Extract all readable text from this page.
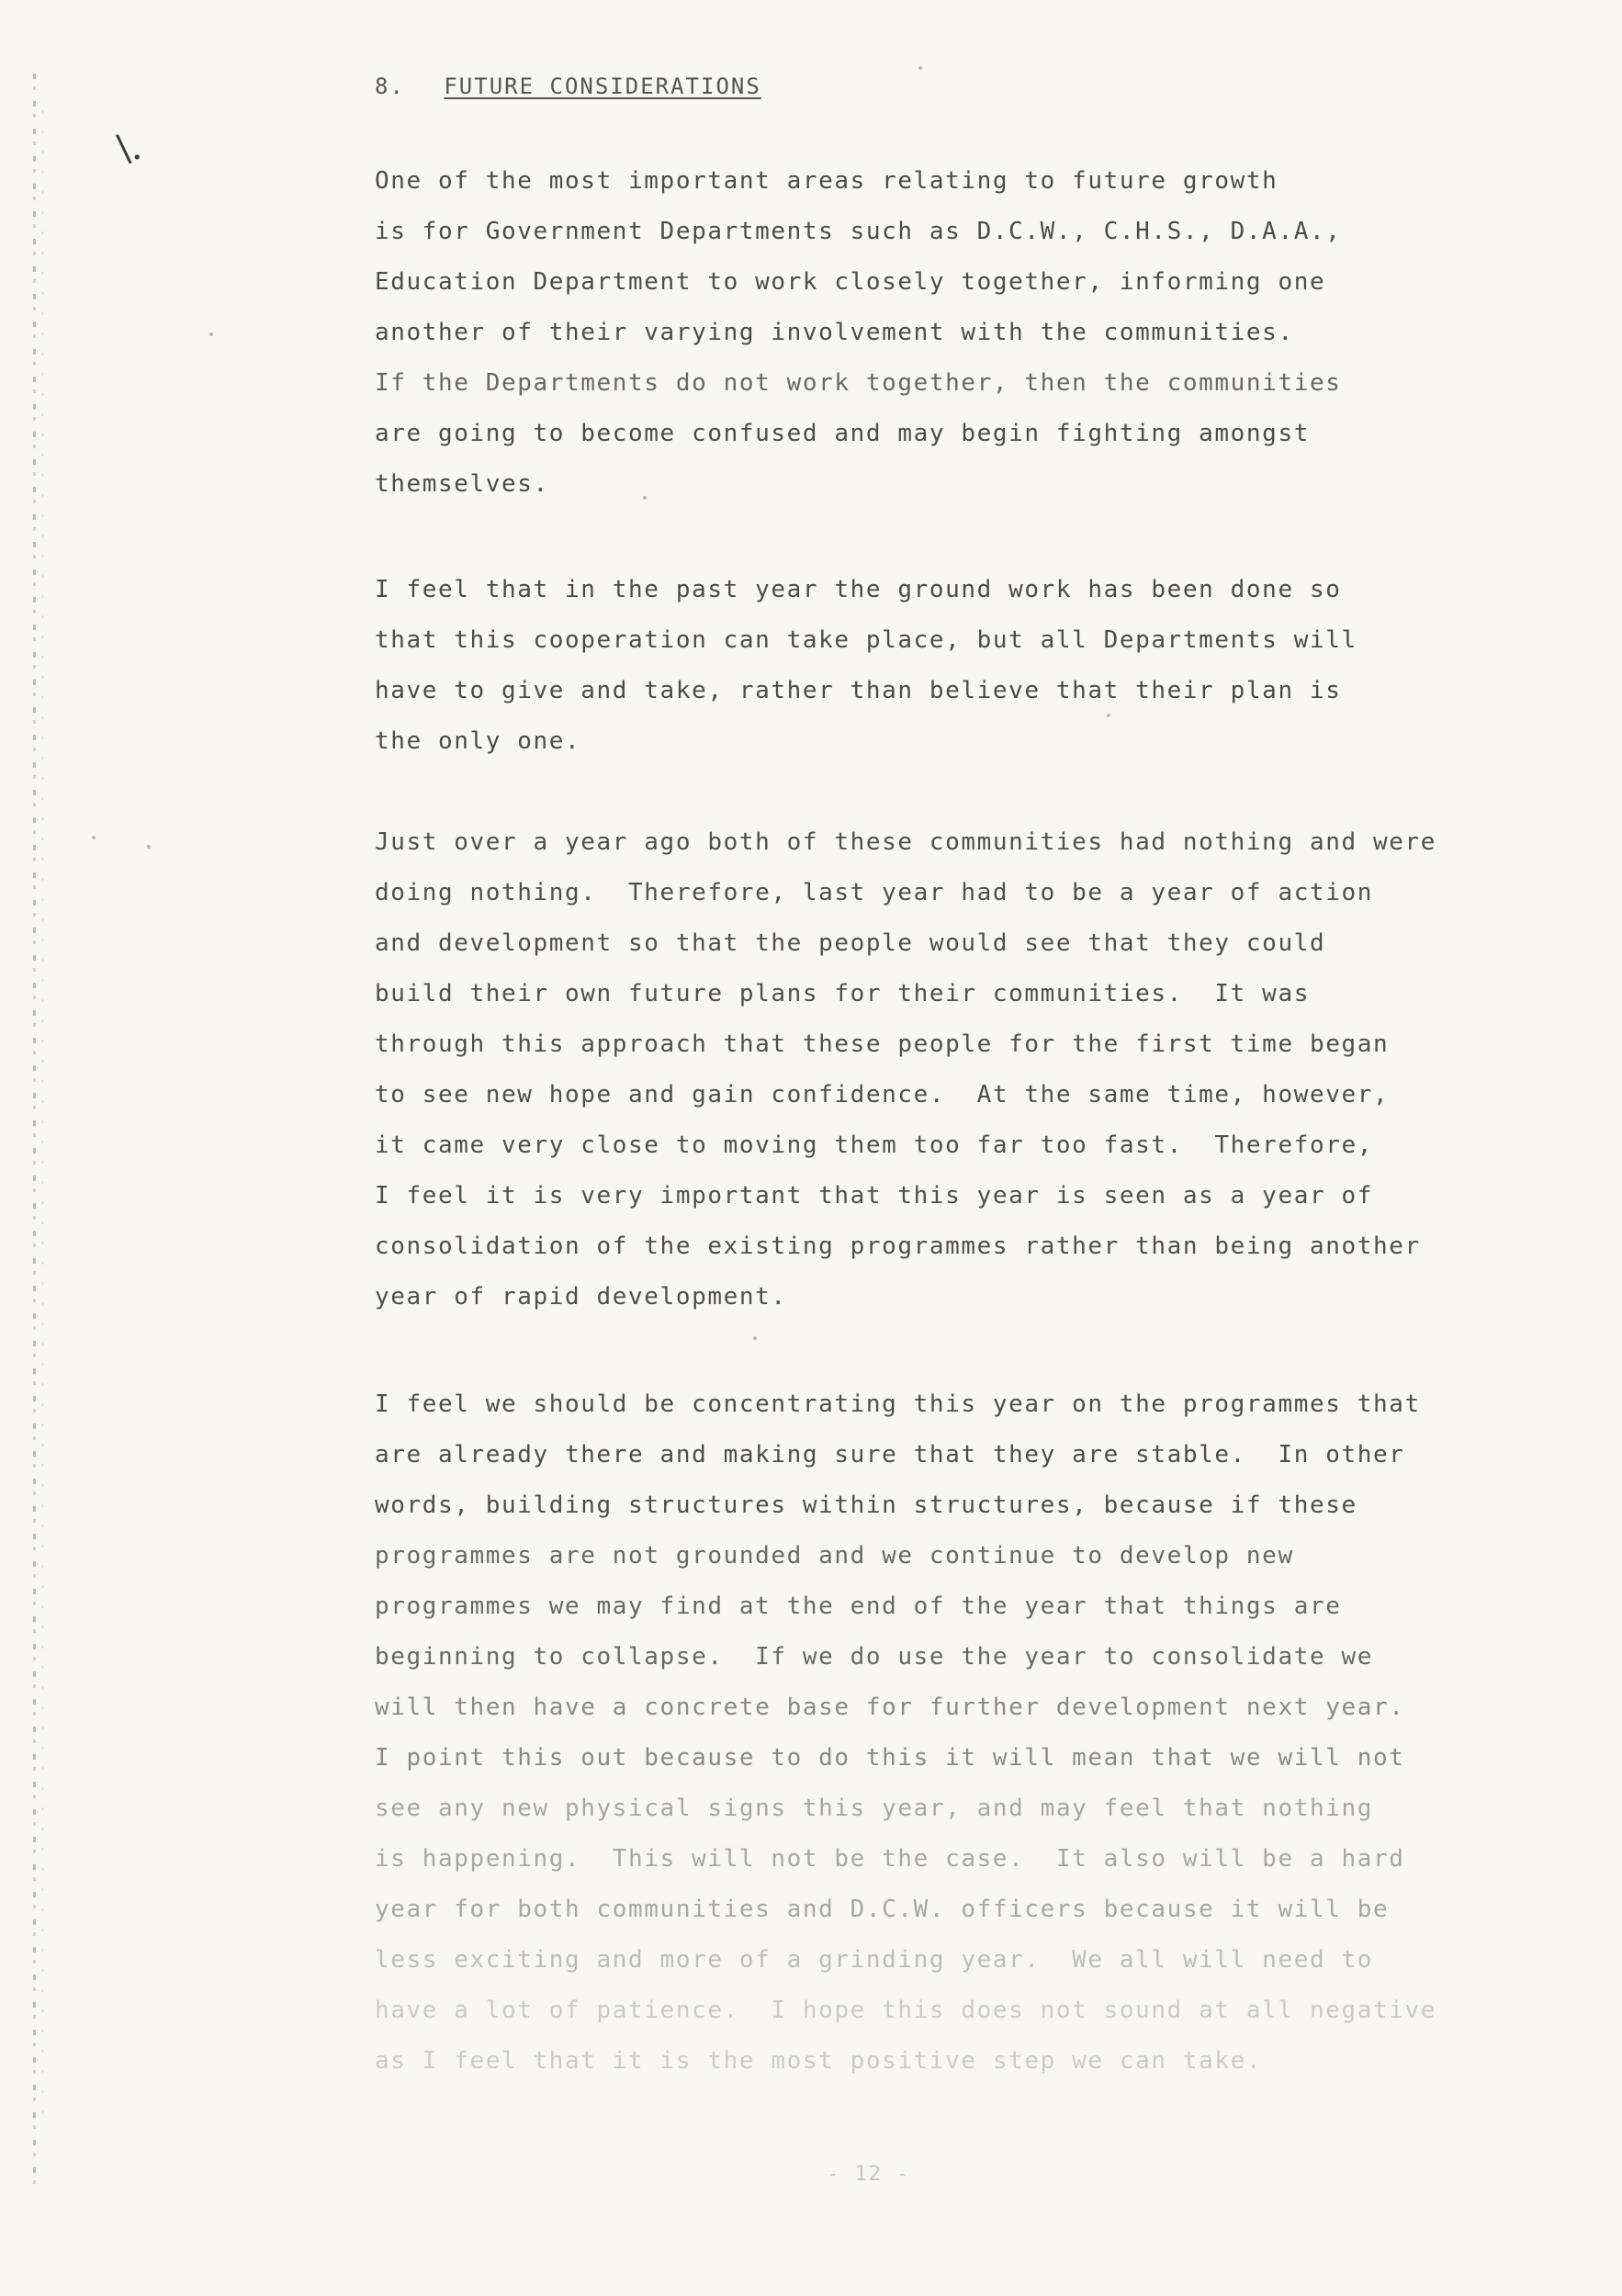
\.
8. FUTURE CONSIDERATIONS
One of the most important areas relating to future growth
is for Government Departments such as D.C.W., C.H.S., D.A.A.,
Education Department to work closely together, informing one
another of their varying involvement with the communities.
If the Departments do not work together, then the communities
are going to become confused and may begin fighting amongst
themselves.
I feel that in the past year the ground work has been done so
that this cooperation can take place, but all Departments will
have to give and take, rather than believe that their plan is
the only one.
Just over a year ago both of these communities had nothing and were
doing nothing.  Therefore, last year had to be a year of action
and development so that the people would see that they could
build their own future plans for their communities.  It was
through this approach that these people for the first time began
to see new hope and gain confidence.  At the same time, however,
it came very close to moving them too far too fast.  Therefore,
I feel it is very important that this year is seen as a year of
consolidation of the existing programmes rather than being another
year of rapid development.
I feel we should be concentrating this year on the programmes that
are already there and making sure that they are stable.  In other
words, building structures within structures, because if these
programmes are not grounded and we continue to develop new
programmes we may find at the end of the year that things are
beginning to collapse.  If we do use the year to consolidate we
will then have a concrete base for further development next year.
I point this out because to do this it will mean that we will not
see any new physical signs this year, and may feel that nothing
is happening.  This will not be the case.  It also will be a hard
year for both communities and D.C.W. officers because it will be
less exciting and more of a grinding year.  We all will need to
have a lot of patience.  I hope this does not sound at all negative
as I feel that it is the most positive step we can take.
- 12 -
